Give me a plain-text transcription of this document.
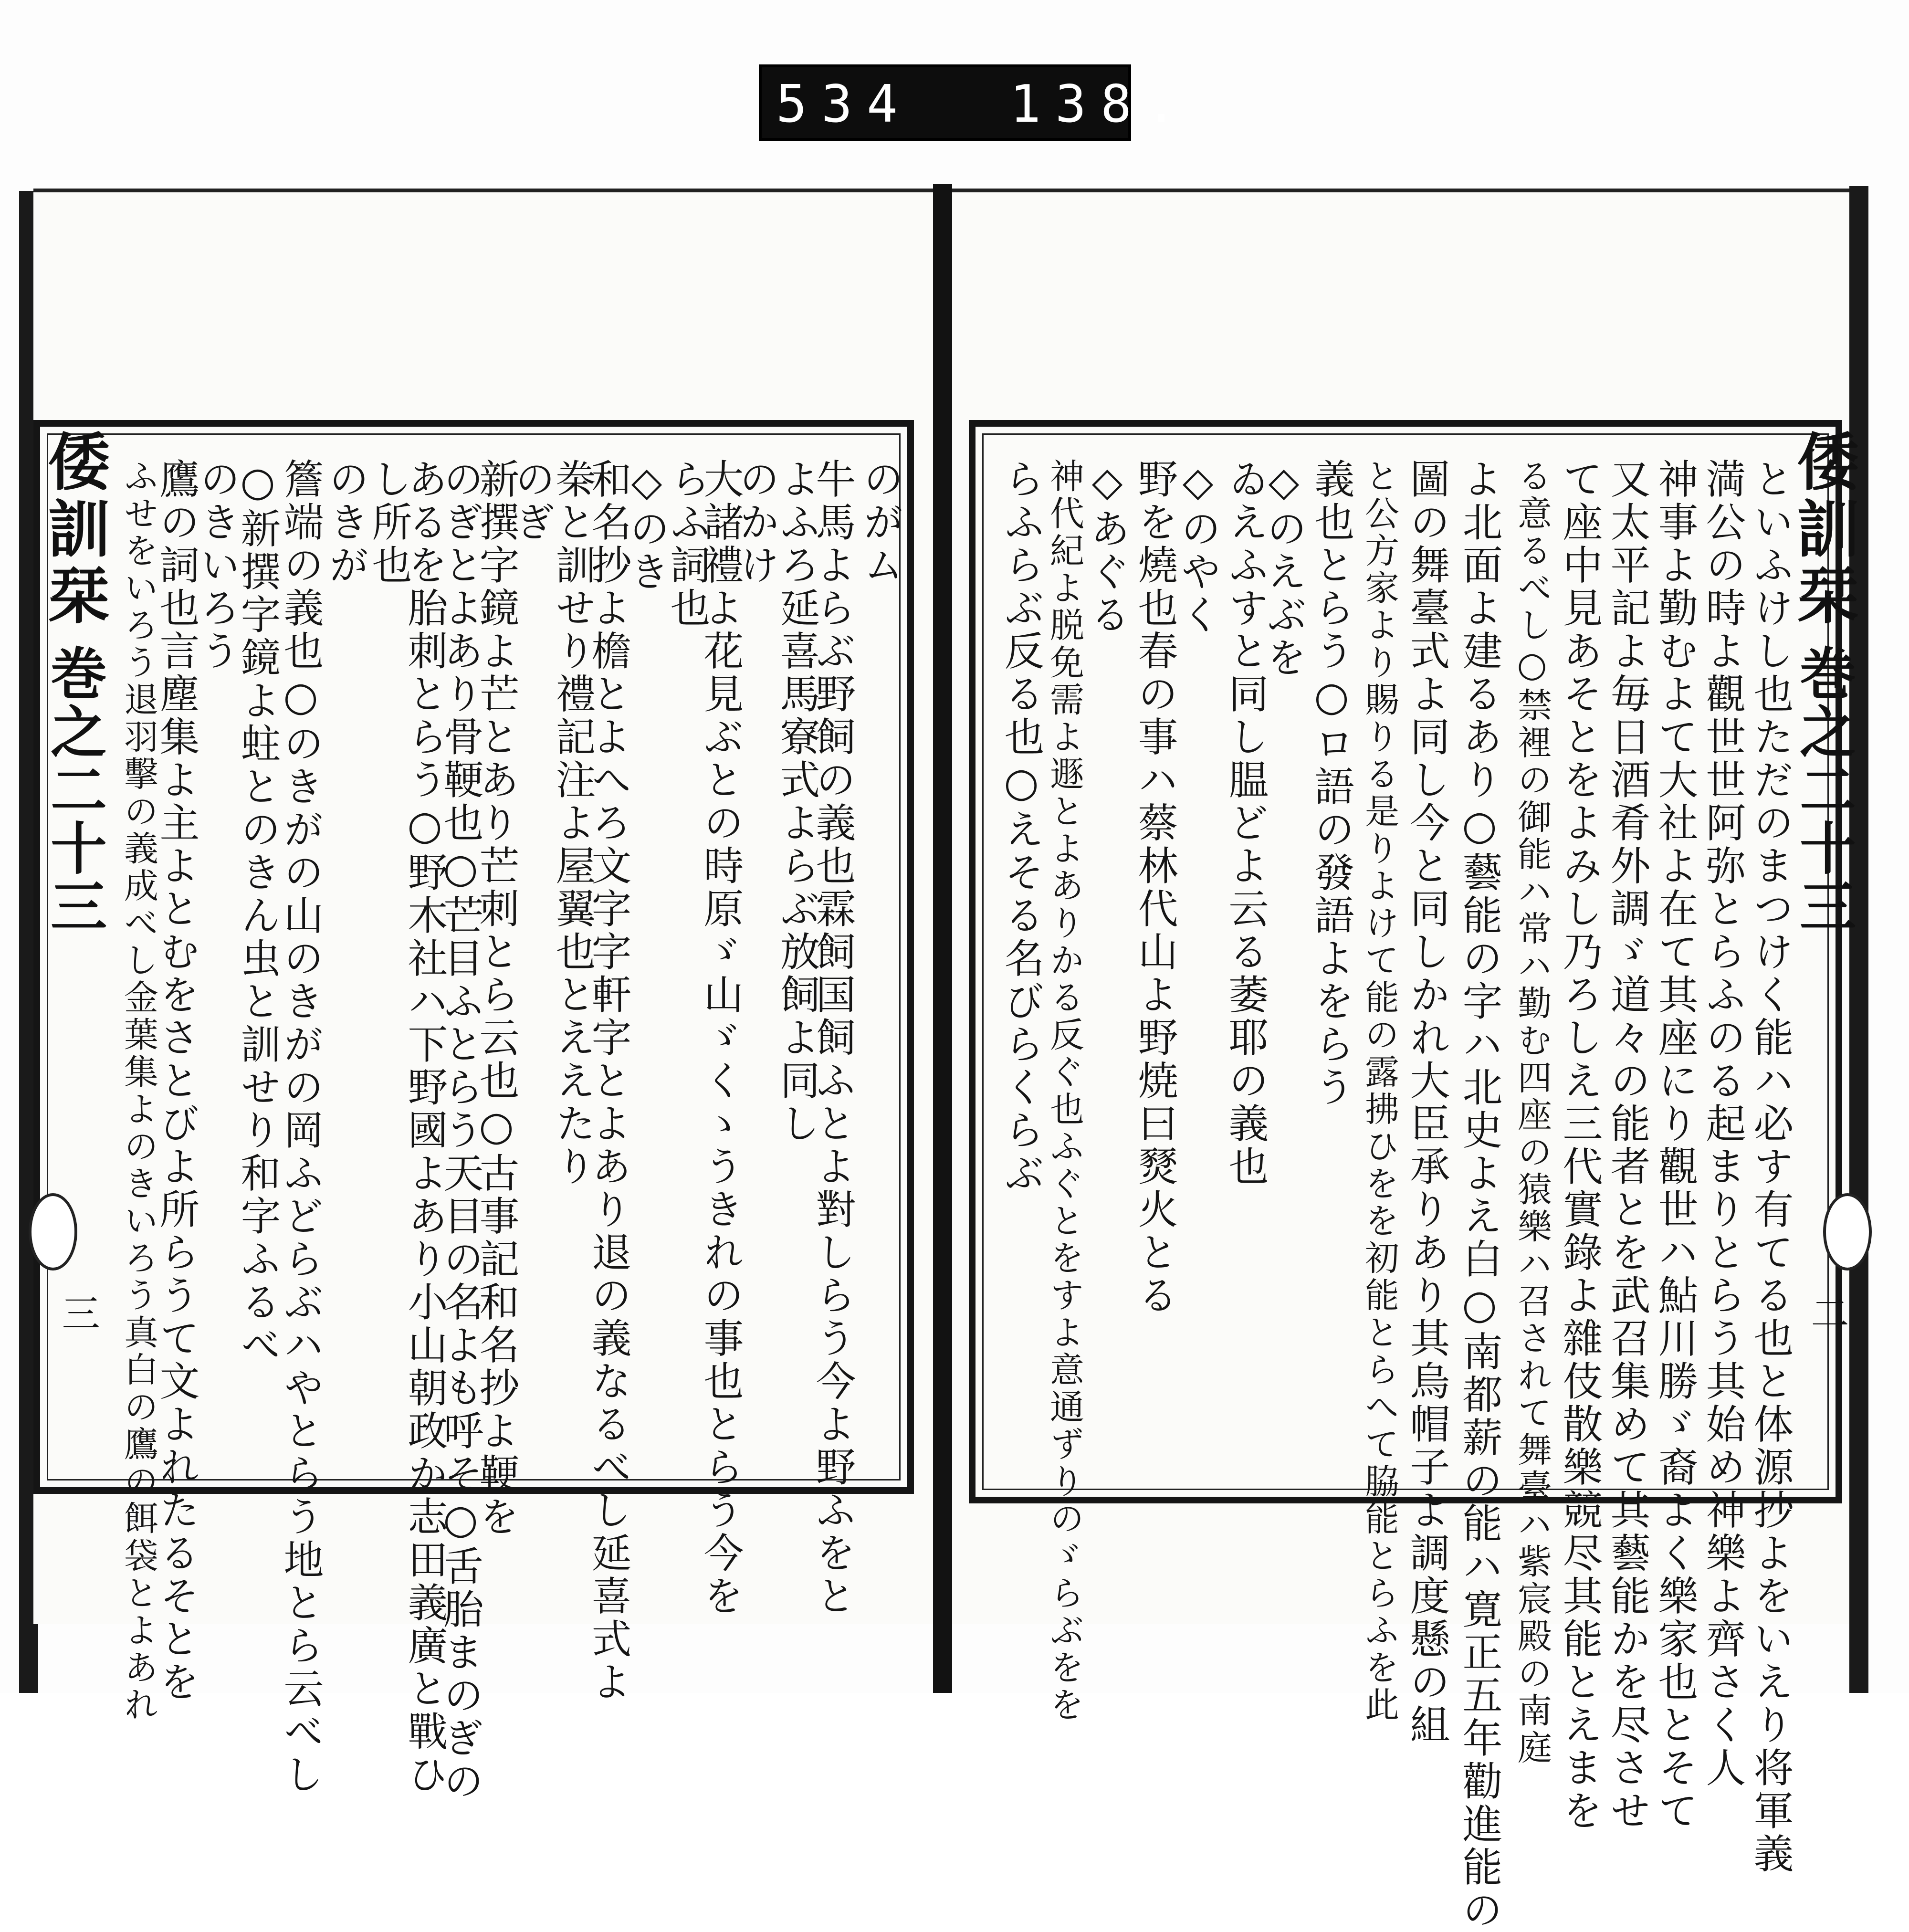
534 138.
倭訓栞
巻之二十三
三
倭訓栞
巻之二十三
二
のがム
牛馬よらぶ野飼の義也霖飼国飼ふとよ對しらう今よ野ふをと
よふろ延喜馬寮式よらぶ放飼よ同し
のかけ
大諸禮よ花見ぶとの時原ゞ山ゞくゝうきれの事也とらう今を
らふ詞也
◇のき
和名抄よ檐とよへろ文字字軒字とよあり退の義なるべし延喜式よ
桊と訓せり禮記注よ屋翼也とええたり
のぎ
新撰字鏡よ芒とあり芒刺とら云也○古事記和名抄よ鞕を
のぎとよあり骨鞕也○芒目ふとらう天目の名よも呼そ○舌胎まのぎの
あるを胎刺とらう○野木社ハ下野國よあり小山朝政か志田義廣と戰ひ
し所也
のきが
簷端の義也○のきがの山のきがの岡ふどらぶハやとらう地とら云べし
○新撰字鏡よ蛀とのきん虫と訓せり和字ふるべ
のきいろう
鷹の詞也言塵集よ主よとむをさとびよ所らうて文よれたるそとを
ふせをいろう退羽擊の義成べし金葉集よのきいろう真白の鷹の餌袋とよあれ	といふけし也ただのまつけく能ハ必す有てる也と体源抄よをいえり将軍義
満公の時よ觀世世阿弥とらふのる起まりとらう其始め神樂よ齊さく人
神事よ勤むよて大社よ在て其座にり觀世ハ鮎川勝ゞ裔よく樂家也とそて
又太平記よ毎日酒肴外調ゞ道々の能者とを武召集めて其藝能かを尽させ
て座中見あそとをよみし乃ろしえ三代實錄よ雜伎散樂競尽其能とえまを
る意るべし○禁裡の御能ハ常ハ勤む四座の猿樂ハ召されて舞臺ハ紫宸殿の南庭
よ北面よ建るあり○藝能の字ハ北史よえ白○南都薪の能ハ寛正五年勸進能の
圖の舞臺式よ同し今と同しかれ大臣承りあり其烏帽子よ調度懸の組
と公方家より賜りる是りよけて能の露拂ひをを初能とらへて脇能とらふを此
義也とらう○ロ語の發語よをらう
◇のえぶを
ゐえふすと同し腽どよ云る萎耶の義也
◇のやく
野を燒也春の事ハ蔡林代山よ野焼曰燹火とる
◇あぐる
神代紀よ脱免需よ遯とよありかる反ぐ也ふぐとをすよ意通ずりのゞらぶをを
らふらぶ反る也○えそる名びらくらぶ
